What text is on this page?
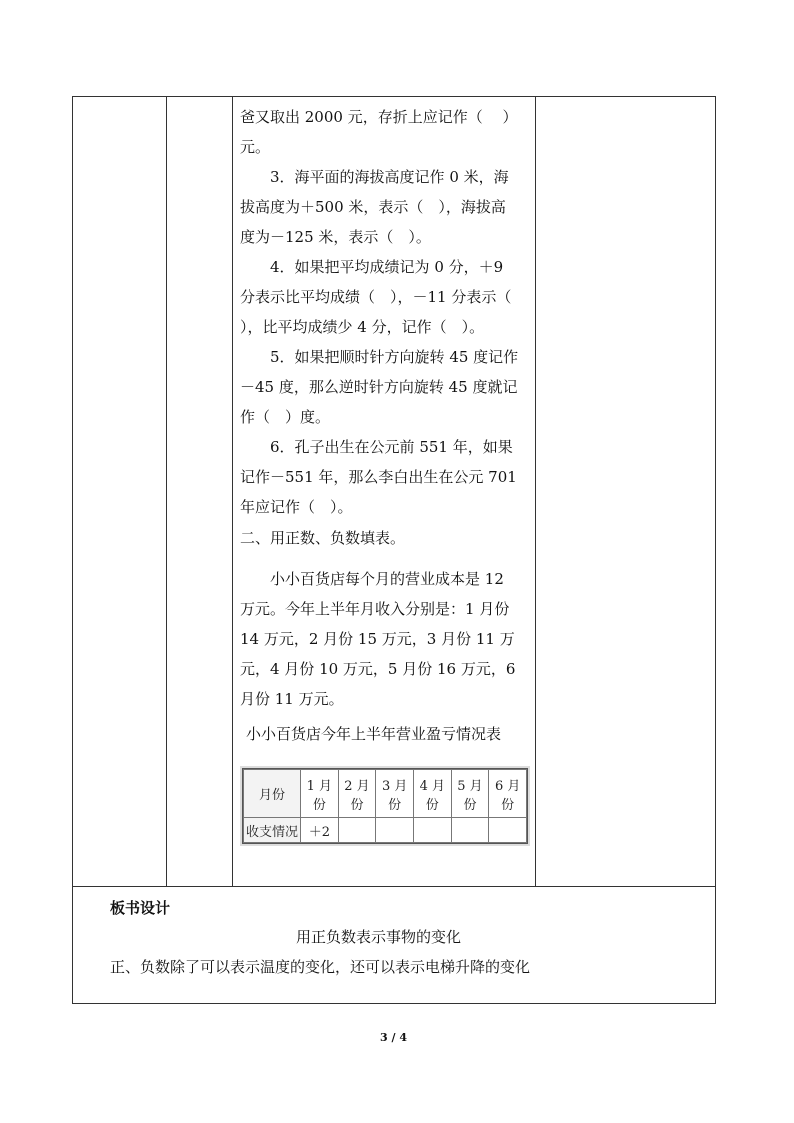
爸又取出 2000 元，存折上应记作（　 ）
元。

　　3．海平面的海拔高度记作 0 米，海
拔高度为＋500 米，表示（　），海拔高
度为－125 米，表示（　）。

　　4．如果把平均成绩记为 0 分，＋9
分表示比平均成绩（　），－11 分表示（
），比平均成绩少 4 分，记作（　）。

　　5．如果把顺时针方向旋转 45 度记作
－45 度，那么逆时针方向旋转 45 度就记
作（　）度。

　　6．孔子出生在公元前 551 年，如果
记作－551 年，那么李白出生在公元 701
年应记作（　）。

二、用正数、负数填表。

　　小小百货店每个月的营业成本是 12
万元。今年上半年月收入分别是：1 月份
14 万元，2 月份 15 万元，3 月份 11 万
元，4 月份 10 万元，5 月份 16 万元，6
月份 11 万元。

小小百货店今年上半年营业盈亏情况表
月份	1 月份	2 月份	3 月份	4 月份	5 月份	6 月份
收支情况	＋2					
板书设计
用正负数表示事物的变化
正、负数除了可以表示温度的变化，还可以表示电梯升降的变化
3 / 4
